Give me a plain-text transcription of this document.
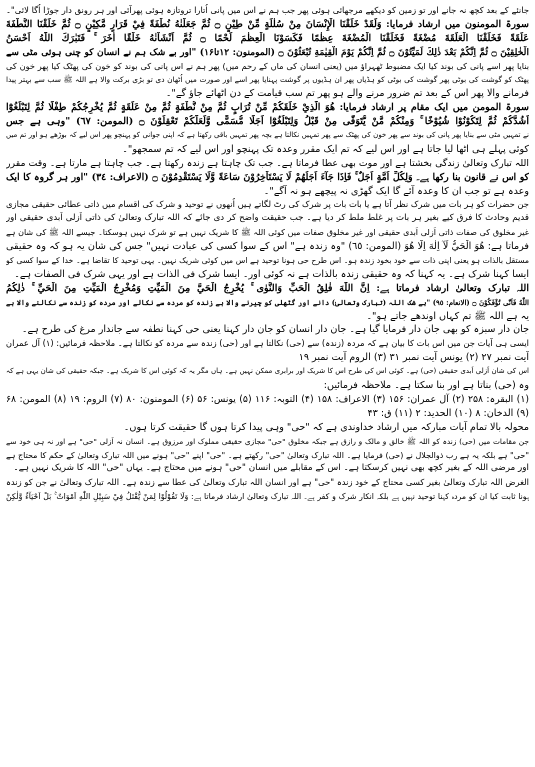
جانئے کے بعد کچھ نہ جانے اور تو زمین کو دیکھے مرجھائی ہوئی پھر جب ہم نے اس میں پانی اُتارا تروتازہ ہوئی پھرآئی اور ہر رونق دار جوڑا اُگا لائی"۔
سورۃ المومنون میں ارشاد فرمایا: وَلَقَدْ خَلَقْنَا الْإِنْسَانَ مِنْ سُلٰلَةٍ مِّنْ طِيْنٍ ۝ ثُمَّ جَعَلْنٰهُ نُطْفَةً فِيْ قَرَارٍ مَّكِيْنٍ ۝ ثُمَّ خَلَقْنَا النُّطْفَةَ
عَلَقَةً فَخَلَقْنَا الْعَلَقَةَ مُضْغَةً فَخَلَقْنَا الْمُضْغَةَ عِظٰمًا فَكَسَوْنَا الْعِظٰمَ لَحْمًا ۝ ثُمَّ اَنْشَاْنٰهُ خَلْقًا اٰخَرَ ۚ فَتَبٰرَكَ اللّٰهُ اَحْسَنُ
الْخٰلِقِيْنَ ۝ ثُمَّ اِنَّكُمْ بَعْدَ ذٰلِكَ لَمَيِّتُوْنَ ۝ ثُمَّ اِنَّكُمْ يَوْمَ الْقِيٰمَةِ تُبْعَثُوْنَ ۝ (المومنون: ۱۲تا۱۶) "اور بے شک ہم نے انسان کو چنی ہوئی مٹی سے
بنایا پھر اسے پانی کی بوند کیا ایک مضبوط ٹھہراؤ میں (یعنی انسان کی ماں کے رحم میں) پھر ہم نے اس پانی کی بوند کو خون کی پھٹک کیا پھر خون کی
پھٹک کو گوشت کی بوٹی پھر گوشت کی بوٹی کو ہڈیاں پھر ان ہڈیوں پر گوشت پہنایا پھر اسے اور صورت میں اُٹھان دی تو بڑی برکت والا ہے اللہ ﷺ سب سے بہتر پیدا
فرمانے والا پھر اس کے بعد تم ضرور مرنے والے ہو پھر تم سب قیامت کے دن اٹھائے جاؤ گے"۔
سورۃ المومن میں ایک مقام پر ارشاد فرمایا: هُوَ الَّذِيْ خَلَقَكُمْ مِّنْ تُرَابٍ ثُمَّ مِنْ نُّطْفَةٍ ثُمَّ مِنْ عَلَقَةٍ ثُمَّ يُخْرِجُكُمْ طِفْلًا ثُمَّ لِتَبْلُغُوْٓا
اَشُدَّكُمْ ثُمَّ لِتَكُوْنُوْا شُيُوْخًا ۚ وَمِنْكُمْ مَّنْ يُّتَوَفّٰى مِنْ قَبْلُ وَلِتَبْلُغُوْٓا اَجَلًا مُّسَمًّى وَّلَعَلَّكُمْ تَعْقِلُوْنَ ۝ (المومن: ٦٧) "وہی ہے جس
نے تمہیں مٹی سے بنایا پھر پانی کی بوند سے پھر خون کی پھٹک سے پھر تمہیں نکالتا ہے بچہ پھر تمہیں باقی رکھتا ہے کہ اپنی جوانی کو پہنچو پھر اس لیے کہ بوڑھے ہو اور تم میں
کوئی پہلے ہی اٹھا لیا جاتا ہے اور اس لیے کہ تم ایک مقرر وعدہ تک پہنچو اور اس لیے کہ تم سمجھو"۔
اللہ تبارک وتعالیٰ زندگی بخشتا ہے اور موت بھی عطا فرماتا ہے۔ جب تک چاہتا ہے زندہ رکھتا ہے۔ جب چاہتا ہے مارتا ہے۔ وقت مقرر
کو اس نے قانون بنا رکھا ہے۔ وَلِكُلِّ اُمَّةٍ اَجَلٌ ۚ فَاِذَا جَآءَ اَجَلُهُمْ لَا يَسْتَاْخِرُوْنَ سَاعَةً وَّلَا يَسْتَقْدِمُوْنَ ۝ (الاعراف: ٣٤) "اور ہر گروہ کا ایک
وعدہ ہے تو جب ان کا وعدہ آئے گا ایک گھڑی نہ پیچھے ہو نہ آگے"۔
جن حضرات کو ہر بات میں شرک نظر آتا ہے یا بات بات پر شرک کی رٹ لگاتے ہیں اُنھوں نے توحید و شرک کی اقسام میں ذاتی عطائی حقیقی مجازی
قدیم وحادث کا فرق کیے بغیر ہر بات پر غلط ملط کر دیا ہے۔ جب حقیقت واضح کر دی جائے کہ اللہ تبارک وتعالیٰ کی ذاتی اَزلی اَبدی حقیقی اور
غیر مخلوق کی صفات ذاتی اَزلی اَبدی حقیقی اور غیر مخلوق صفات میں کوئی اللہ ﷺ کا شریک نہیں ہے تو شرک نہیں ہوسکتا۔ جیسے اللہ ﷺ کی شان ہے
فرماتا ہے: هُوَ الْحَيُّ لَآ اِلٰهَ اِلَّا هُوَ (المومن: ٦٥) "وہ زندہ ہے" اس کے سوا کسی کی عبادت نہیں" جس کی شان یہ ہو کہ وہ حقیقی
مستقل بالذات ہو یعنی اپنی ذات سے خود بخود زندہ ہو۔ اس طرح حی ہونا توحید ہے اس میں کوئی شریک نہیں۔ یہی توحید کا تقاضا ہے۔ خدا کے سوا کسی کو
ایسا کہنا شرک ہے۔ یہ کہنا کہ وہ حقیقی زندہ بالذات ہے نہ کوئی اور۔ ایسا شرک فی الذات ہے اور یہی شرک فی الصفات ہے۔
اللہ تبارک وتعالیٰ ارشاد فرماتا ہے: اِنَّ اللّٰهَ فٰلِقُ الْحَبِّ وَالنَّوٰى ۚ يُخْرِجُ الْحَيَّ مِنَ الْمَيِّتِ وَمُخْرِجُ الْمَيِّتِ مِنَ الْحَيِّ ۚ ذٰلِكُمُ
اللّٰهُ فَاَنّٰى تُؤْفَكُوْنَ ۝ (الانعام: ٩٥) "بے شک اللہ (تبارک وتعالیٰ) دانے اور گٹھلی کو چیرنے والا ہے زندہ کو مردہ سے نکالے اور مردہ کو زندہ سے نکالنے والا ہے
یہ ہے اللہ ﷺ تم کہاں اوندھے جاتے ہو"۔
جان دار سبزہ کو بھی جان دار فرمایا گیا ہے۔ جان دار انسان کو جان دار کہنا یعنی حی کہنا نطفہ سے جاندار مرغ کی طرح ہے۔
ایسی ہی آیات جن میں اس بات کا بیان ہے کہ مردہ (زندہ) سے (حی) نکالتا ہے اور (حی) زندہ سے مردہ کو نکالتا ہے۔ ملاحظہ فرمائیں: (۱) آل عمران
آیت نمبر ۲۷ (۲) یونس آیت نمبر ۳۱ (۳) الروم آیت نمبر ۱۹
اس کی شان اَزلی اَبدی حقیقی (حی) ہے۔ کوئی اس کی طرح اس کا شریک اور برابری ممکن نہیں ہے۔ ہاں مگر یہ کہ کوئی اس کا شریک ہے۔ جبکہ حقیقی کی شان یہی ہے کہ
وہ (حی) بناتا ہے اور بنا سکتا ہے۔ ملاحظہ فرمائیں:
(۱) البقرہ: ۲۵۸ (۲) آل عمران: ۱۵۶ (۳) الاعراف: ۱۵۸ (۴) التوبہ: ۱۱۶ (۵) یونس: ۵۶ (۶) المومنون: ۸۰ (۷) الروم: ۱۹ (۸) المومن: ۶۸
(۹) الدخان: ۸ (۱۰) الحدید: ۲ (۱۱) ق: ۴۳
محولہ بالا تمام آیات مبارکہ میں ارشاد خداوندی ہے کہ "حی" وہی پیدا کرتا ہوں گا حقیقت کرتا ہوں۔
جن مقامات میں (حی) زندہ کو اللہ ﷺ خالق و مالک و رازق ہے جبکہ مخلوق "حی" مجازی حقیقی مملوک اور مرزوق ہے۔ انسان نہ اَزلی "حی" ہے اور نہ ہی خود سے
"حی" ہے بلکہ یہ ہے رب ذوالجلال نے (حی) فرمایا ہے۔ اللہ تبارک وتعالیٰ "حی" رکھتے ہے۔ "حی" اپنے "حی" ہونے میں اللہ تبارک وتعالیٰ کے حکم کا محتاج ہے
اور مرضی اللہ کے بغیر کچھ بھی نہیں کرسکتا ہے۔ اس کے مقابلے میں انسان "حی" ہونے میں محتاج ہے۔ یہاں "حی" اللہ کا شریک نہیں ہے۔
الغرض اللہ تبارک وتعالیٰ بغیر کسی محتاج کے خود زندہ "حی" ہے اور انسان اللہ تبارک وتعالیٰ کی عطا سے زندہ ہے۔ اللہ تبارک وتعالیٰ نے جن کو زندہ
ہونا ثابت کیا ان کو مردہ کہنا توحید نہیں ہے بلکہ انکار شرک و کفر ہے۔ اللہ تبارک وتعالیٰ ارشاد فرماتا ہے: وَلَا تَقُوْلُوْا لِمَنْ يُّقْتَلُ فِيْ سَبِيْلِ اللّٰهِ اَمْوَاتٌ ۚ بَلْ اَحْيَآءٌ وَّلٰكِنْ
